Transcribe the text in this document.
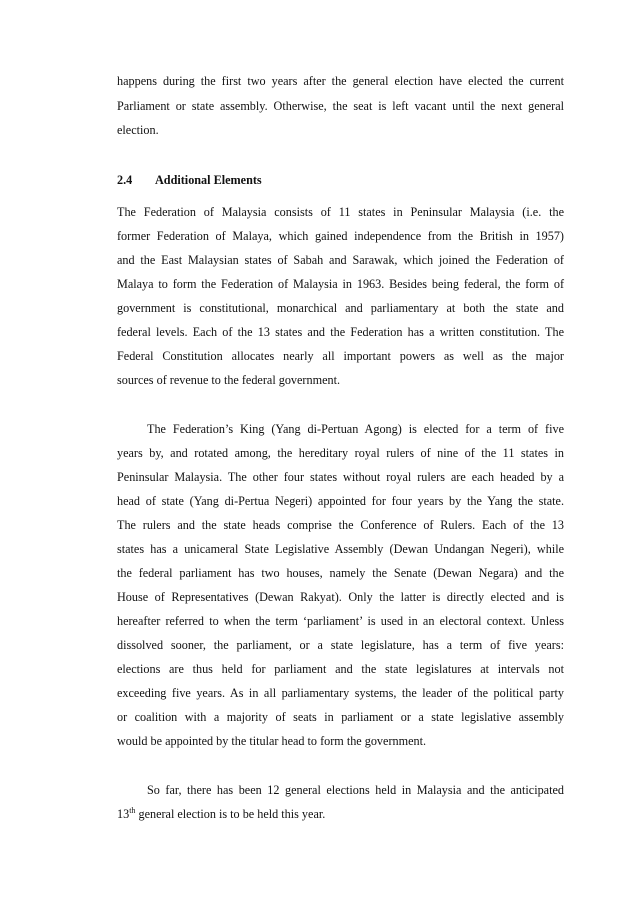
happens during the first two years after the general election have elected the current

Parliament or state assembly. Otherwise, the seat is left vacant until the next general

election.

2.4 Additional Elements

The Federation of Malaysia consists of 11 states in Peninsular Malaysia (i.e. the

former Federation of Malaya, which gained independence from the British in 1957)

and the East Malaysian states of Sabah and Sarawak, which joined the Federation of

Malaya to form the Federation of Malaysia in 1963. Besides being federal, the form of

government is constitutional, monarchical and parliamentary at both the state and

federal levels. Each of the 13 states and the Federation has a written constitution. The

Federal Constitution allocates nearly all important powers as well as the major

sources of revenue to the federal government.

The Federation’s King (Yang di-Pertuan Agong) is elected for a term of five

years by, and rotated among, the hereditary royal rulers of nine of the 11 states in

Peninsular Malaysia. The other four states without royal rulers are each headed by a

head of state (Yang di-Pertua Negeri) appointed for four years by the Yang the state.

The rulers and the state heads comprise the Conference of Rulers. Each of the 13

states has a unicameral State Legislative Assembly (Dewan Undangan Negeri), while

the federal parliament has two houses, namely the Senate (Dewan Negara) and the

House of Representatives (Dewan Rakyat). Only the latter is directly elected and is

hereafter referred to when the term ‘parliament’ is used in an electoral context. Unless

dissolved sooner, the parliament, or a state legislature, has a term of five years:

elections are thus held for parliament and the state legislatures at intervals not

exceeding five years. As in all parliamentary systems, the leader of the political party

or coalition with a majority of seats in parliament or a state legislative assembly

would be appointed by the titular head to form the government.

So far, there has been 12 general elections held in Malaysia and the anticipated

13th general election is to be held this year.
